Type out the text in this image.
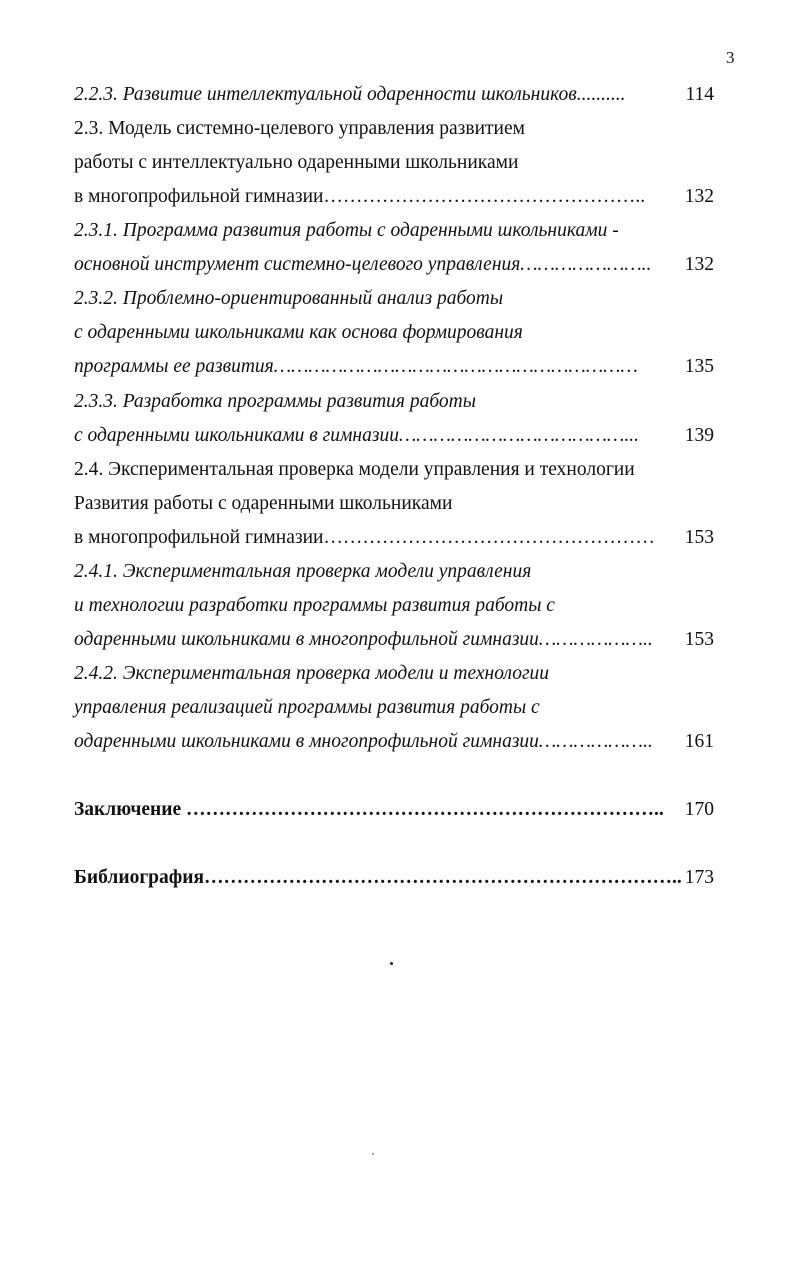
3
2.2.3. Развитие интеллектуальной одаренности школьников..........	114
2.3. Модель системно-целевого управления развитием
работы с интеллектуально одаренными школьниками
в многопрофильной гимназии…………………………………………..	132
2.3.1. Программа развития работы с одаренными школьниками -
основной инструмент системно-целевого управления…………………..	132
2.3.2. Проблемно-ориентированный анализ работы
с одаренными школьниками как основа формирования
программы ее развития………………………………………………………	135
2.3.3. Разработка программы развития работы
с одаренными школьниками в гимназии…………………………………...	139
2.4. Экспериментальная проверка модели управления и технологии
Развития работы с одаренными школьниками
в многопрофильной гимназии……………………………………………	153
2.4.1. Экспериментальная проверка модели управления
и технологии разработки программы развития работы с
одаренными школьниками в многопрофильной гимназии………………..	153
2.4.2. Экспериментальная проверка модели и технологии
управления реализацией программы развития работы с
одаренными школьниками в многопрофильной гимназии………………..	161
Заключение ………………………………………………………………..	170
Библиография……………………………………………………………….. 173
